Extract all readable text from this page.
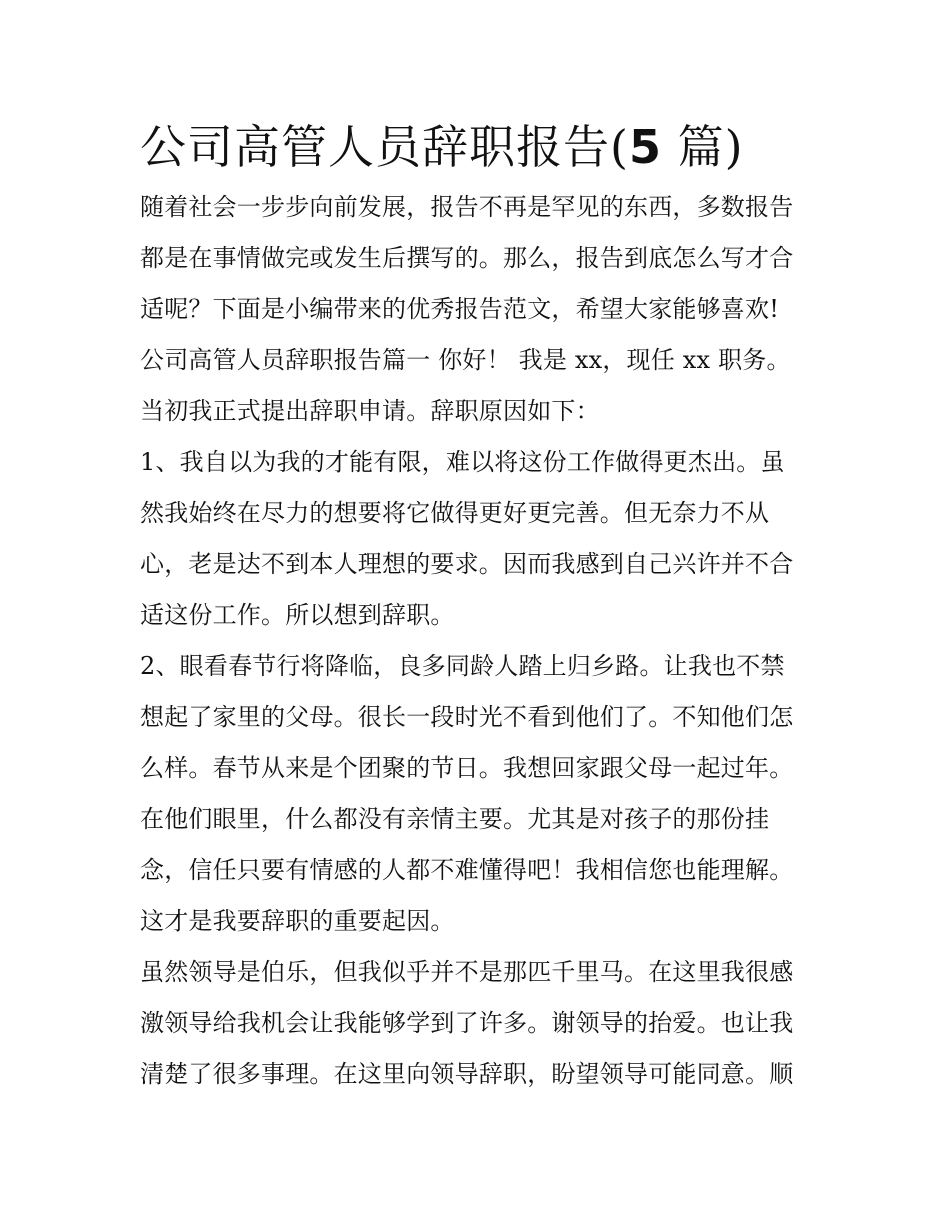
公司高管人员辞职报告(5 篇)

随着社会一步步向前发展，报告不再是罕见的东西，多数报告

都是在事情做完或发生后撰写的。那么，报告到底怎么写才合

适呢？下面是小编带来的优秀报告范文，希望大家能够喜欢!

公司高管人员辞职报告篇一 你好！ 我是 xx，现任 xx 职务。

当初我正式提出辞职申请。辞职原因如下：

1、我自以为我的才能有限，难以将这份工作做得更杰出。虽

然我始终在尽力的想要将它做得更好更完善。但无奈力不从

心，老是达不到本人理想的要求。因而我感到自己兴许并不合

适这份工作。所以想到辞职。

2、眼看春节行将降临，良多同龄人踏上归乡路。让我也不禁

想起了家里的父母。很长一段时光不看到他们了。不知他们怎

么样。春节从来是个团聚的节日。我想回家跟父母一起过年。

在他们眼里，什么都没有亲情主要。尤其是对孩子的那份挂

念，信任只要有情感的人都不难懂得吧！我相信您也能理解。

这才是我要辞职的重要起因。

虽然领导是伯乐，但我似乎并不是那匹千里马。在这里我很感

激领导给我机会让我能够学到了许多。谢领导的抬爱。也让我

清楚了很多事理。在这里向领导辞职，盼望领导可能同意。顺
